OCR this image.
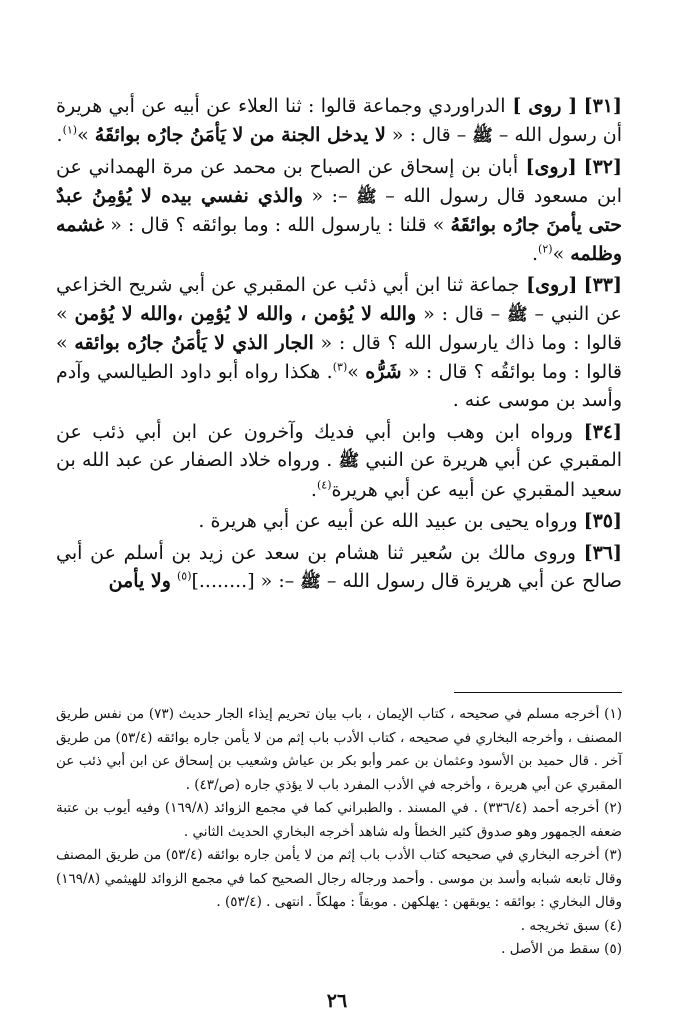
[٣١] [ روى ] الدراوردي وجماعة قالوا : ثنا العلاء عن أبيه عن أبي هريرة أن رسول الله – ﷺ – قال : « لا يدخل الجنة من لا يَأمَنُ جارُه بوائقَهُ »$^{(١)}$.

[٣٢] [روى] أبان بن إسحاق عن الصباح بن محمد عن مرة الهمداني عن ابن مسعود قال رسول الله – ﷺ –: « والذي نفسي بيده لا يُؤمِنُ عبدٌ حتى يأمنَ جارُه بوائقَهُ » قلنا : يارسول الله : وما بوائقه ؟ قال : « غشمه وظلمه »$^{(٢)}$.

[٣٣] [روى] جماعة ثنا ابن أبي ذئب عن المقبري عن أبي شريح الخزاعي عن النبي – ﷺ – قال : « والله لا يُؤمن ، والله لا يُؤمِن ،والله لا يُؤمن » قالوا : وما ذاك يارسول الله ؟ قال : « الجار الذي لا يَأمَنُ جارُه بوائقه » قالوا : وما بوائقُه ؟ قال : « شَرُّه »$^{(٣)}$. هكذا رواه أبو داود الطيالسي وآدم وأسد بن موسى عنه .

[٣٤] ورواه ابن وهب وابن أبي فديك وآخرون عن ابن أبي ذئب عن المقبري عن أبي هريرة عن النبي ﷺ . ورواه خلاد الصفار عن عبد الله بن سعيد المقبري عن أبيه عن أبي هريرة$^{(٤)}$.

[٣٥] ورواه يحيى بن عبيد الله عن أبيه عن أبي هريرة .

[٣٦] وروى مالك بن سُعير ثنا هشام بن سعد عن زيد بن أسلم عن أبي صالح عن أبي هريرة قال رسول الله – ﷺ –: « [........]$^{(٥)}$ ولا يأمن

(١) أخرجه مسلم في صحيحه ، كتاب الإيمان ، باب بيان تحريم إيذاء الجار حديث (٧٣) من نفس طريق المصنف ، وأخرجه البخاري في صحيحه ، كتاب الأدب باب إثم من لا يأمن جاره بوائقه (٥٣/٤) من طريق آخر . قال حميد بن الأسود وعثمان بن عمر وأبو بكر بن عياش وشعيب بن إسحاق عن ابن أبي ذئب عن المقبري عن أبي هريرة ، وأخرجه في الأدب المفرد باب لا يؤذي جاره (ص/٤٣) .

(٢) أخرجه أحمد (٣٣٦/٤) . في المسند . والطبراني كما في مجمع الزوائد (١٦٩/٨) وفيه أيوب بن عتبة ضعفه الجمهور وهو صدوق كثير الخطأ وله شاهد أخرجه البخاري الحديث الثاني .

(٣) أخرجه البخاري في صحيحه كتاب الأدب باب إثم من لا يأمن جاره بوائقه (٥٣/٤) من طريق المصنف وقال تابعه شبابه وأسد بن موسى . وأحمد ورجاله رجال الصحيح كما في مجمع الزوائد للهيثمي (١٦٩/٨) وقال البخاري : بوائقه : يوبقهن : يهلكهن . موبقاً : مهلكاً . انتهى . (٥٣/٤) .

(٤) سبق تخريجه .

(٥) سقط من الأصل .

٢٦
